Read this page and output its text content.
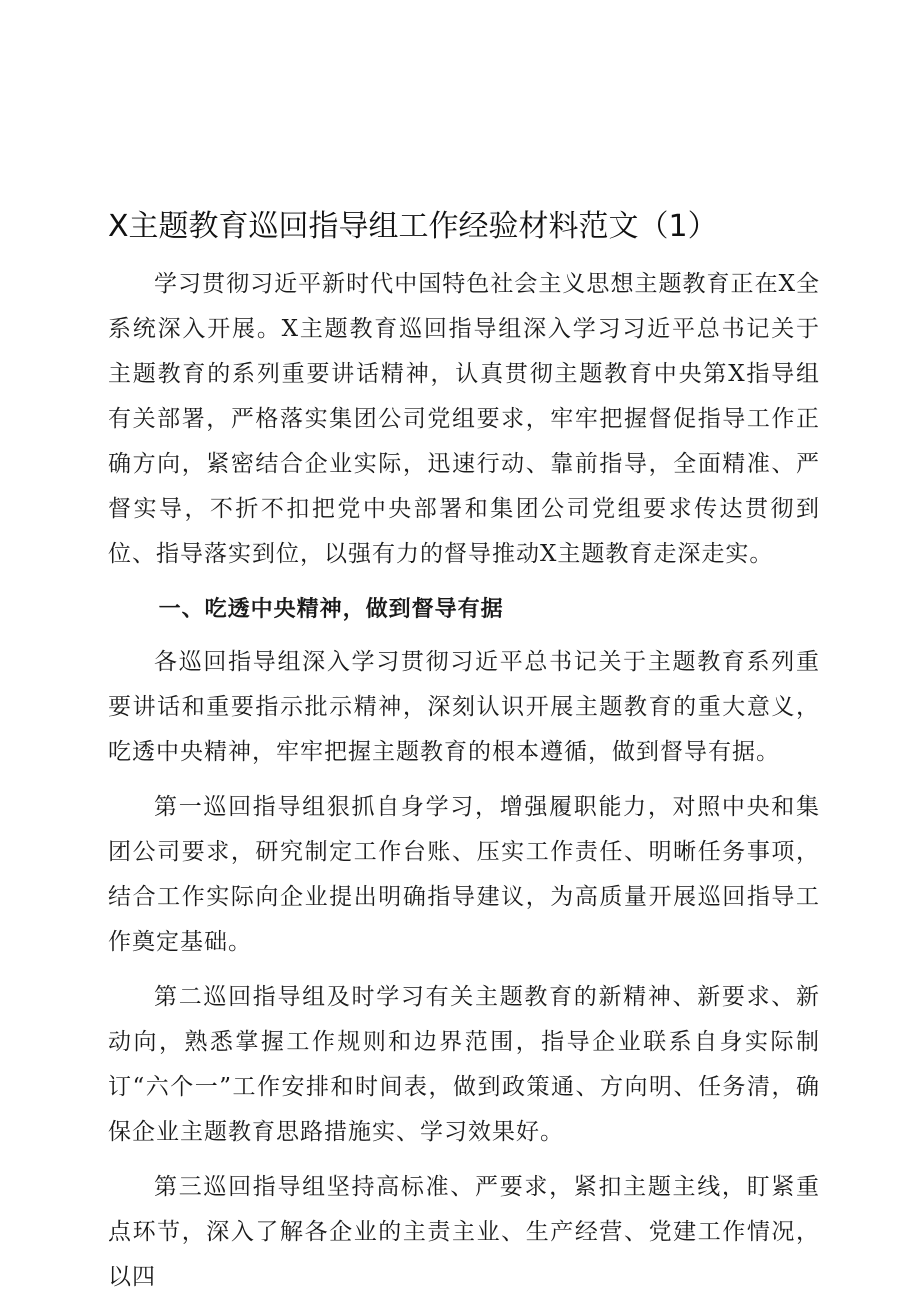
X主题教育巡回指导组工作经验材料范文（1）

学习贯彻习近平新时代中国特色社会主义思想主题教育正在X全系统深入开展。X主题教育巡回指导组深入学习习近平总书记关于主题教育的系列重要讲话精神，认真贯彻主题教育中央第X指导组有关部署，严格落实集团公司党组要求，牢牢把握督促指导工作正确方向，紧密结合企业实际，迅速行动、靠前指导，全面精准、严督实导，不折不扣把党中央部署和集团公司党组要求传达贯彻到位、指导落实到位，以强有力的督导推动X主题教育走深走实。

一、吃透中央精神，做到督导有据

各巡回指导组深入学习贯彻习近平总书记关于主题教育系列重要讲话和重要指示批示精神，深刻认识开展主题教育的重大意义，吃透中央精神，牢牢把握主题教育的根本遵循，做到督导有据。

第一巡回指导组狠抓自身学习，增强履职能力，对照中央和集团公司要求，研究制定工作台账、压实工作责任、明晰任务事项，结合工作实际向企业提出明确指导建议，为高质量开展巡回指导工作奠定基础。

第二巡回指导组及时学习有关主题教育的新精神、新要求、新动向，熟悉掌握工作规则和边界范围，指导企业联系自身实际制订“六个一”工作安排和时间表，做到政策通、方向明、任务清，确保企业主题教育思路措施实、学习效果好。

第三巡回指导组坚持高标准、严要求，紧扣主题主线，盯紧重点环节，深入了解各企业的主责主业、生产经营、党建工作情况，以四
